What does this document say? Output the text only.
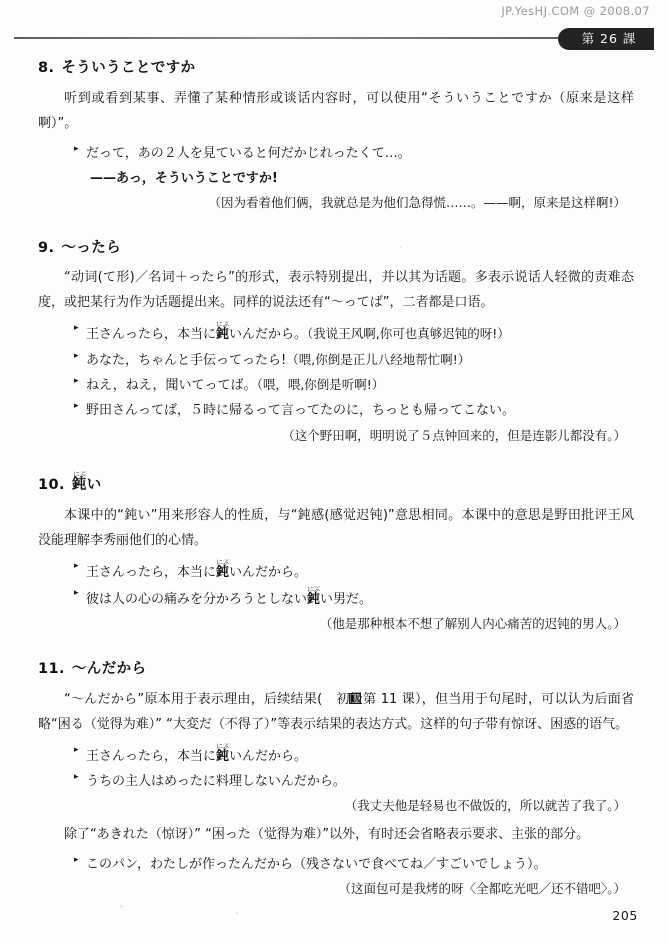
JP.YesHJ.COM @ 2008.07
第 26 課
8. そういうことですか

听到或看到某事、弄懂了某种情形或谈话内容时，可以使用“そういうことですか（原来是这样啊）”。

▸ だって，あの２人を見ていると何だかじれったくて…。

——あっ，そういうことですか!

（因为看着他们俩，我就总是为他们急得慌……。——啊，原来是这样啊!）

9. ～ったら

“动词(て形)／名词＋ったら”的形式，表示特别提出，并以其为话题。多表示说话人轻微的责难态度，或把某行为作为话题提出来。同样的说法还有“～ってば”，二者都是口语。

▸ 王さんったら，本当に鈍にぶいんだから。（我说王风啊,你可也真够迟钝的呀!）

▸ あなた，ちゃんと手伝ってったら!（喂,你倒是正儿八经地帮忙啊!）

▸ ねえ，ねえ，聞いてってば。（喂，喂,你倒是听啊!）

▸ 野田さんってば，５時に帰るって言ってたのに，ちっとも帰ってこない。

（这个野田啊，明明说了５点钟回来的，但是连影儿都没有。）

10. 鈍にぶい

本课中的“鈍い”用来形容人的性质，与“鈍感(感觉迟钝)”意思相同。本课中的意思是野田批评王风没能理解李秀丽他们的心情。

▸ 王さんったら，本当に鈍にぶいんだから。

▸ 彼は人の心の痛みを分かろうとしない鈍にぶい男だ。

（他是那种根本不想了解别人内心痛苦的迟钝的男人。）

11. ～んだから

“～んだから”原本用于表示理由，后续结果( 初级第 11 课），但当用于句尾时，可以认为后面省略“困る（觉得为难）” “大変だ（不得了）”等表示结果的表达方式。这样的句子带有惊讶、困惑的语气。

▸ 王さんったら，本当に鈍にぶいんだから。

▸ うちの主人はめったに料理しないんだから。

（我丈夫他是轻易也不做饭的，所以就苦了我了。）

除了“あきれた（惊讶）” “困った（觉得为难）”以外，有时还会省略表示要求、主张的部分。

▸ このパン，わたしが作ったんだから（残さないで食べてね／すごいでしょう）。

（这面包可是我烤的呀〈全都吃光吧／还不错吧〉。）

205
